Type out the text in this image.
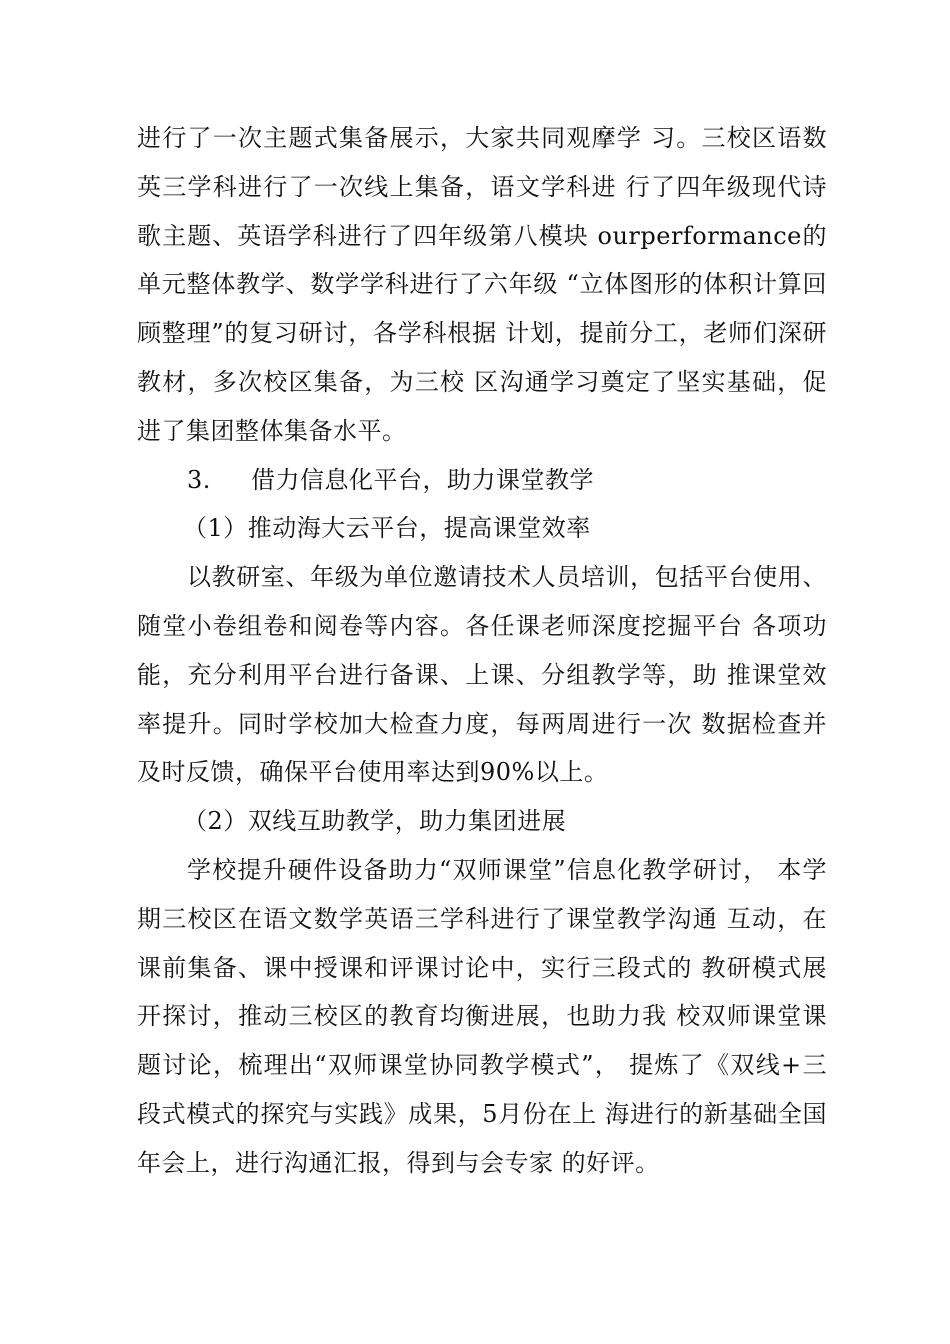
进行了一次主题式集备展示，大家共同观摩学 习。三校区语数英三学科进行了一次线上集备，语文学科进 行了四年级现代诗歌主题、英语学科进行了四年级第八模块 ourperformance的单元整体教学、数学学科进行了六年级 “立体图形的体积计算回顾整理”的复习研讨，各学科根据 计划，提前分工，老师们深研教材，多次校区集备，为三校 区沟通学习奠定了坚实基础，促进了集团整体集备水平。

3. 借力信息化平台，助力课堂教学

（1）推动海大云平台，提高课堂效率

以教研室、年级为单位邀请技术人员培训，包括平台使用、随堂小卷组卷和阅卷等内容。各任课老师深度挖掘平台 各项功能，充分利用平台进行备课、上课、分组教学等，助 推课堂效率提升。同时学校加大检查力度，每两周进行一次 数据检查并及时反馈，确保平台使用率达到90%以上。

（2）双线互助教学，助力集团进展

学校提升硬件设备助力“双师课堂”信息化教学研讨， 本学期三校区在语文数学英语三学科进行了课堂教学沟通 互动，在课前集备、课中授课和评课讨论中，实行三段式的 教研模式展开探讨，推动三校区的教育均衡进展，也助力我 校双师课堂课题讨论，梳理出“双师课堂协同教学模式”， 提炼了《双线+三段式模式的探究与实践》成果，5月份在上 海进行的新基础全国年会上，进行沟通汇报，得到与会专家 的好评。
